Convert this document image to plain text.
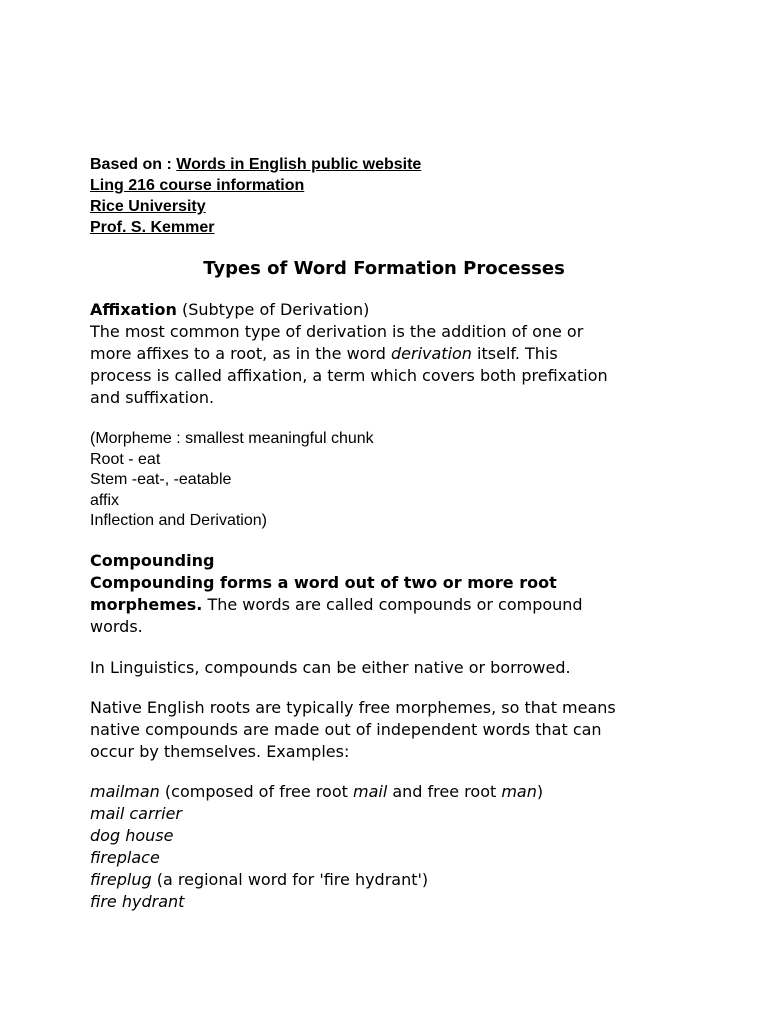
Based on : Words in English public website
Ling 216 course information
Rice University
Prof. S. Kemmer
Types of Word Formation Processes
Affixation (Subtype of Derivation)
The most common type of derivation is the addition of one or
more affixes to a root, as in the word derivation itself. This
process is called affixation, a term which covers both prefixation
and suffixation.
(Morpheme : smallest meaningful chunk
Root - eat
Stem -eat-, -eatable
affix
Inflection and Derivation)
Compounding
Compounding forms a word out of two or more root
morphemes. The words are called compounds or compound
words.

In Linguistics, compounds can be either native or borrowed.

Native English roots are typically free morphemes, so that means
native compounds are made out of independent words that can
occur by themselves. Examples:
mailman (composed of free root mail and free root man)
mail carrier
dog house
fireplace
fireplug (a regional word for 'fire hydrant')
fire hydrant
